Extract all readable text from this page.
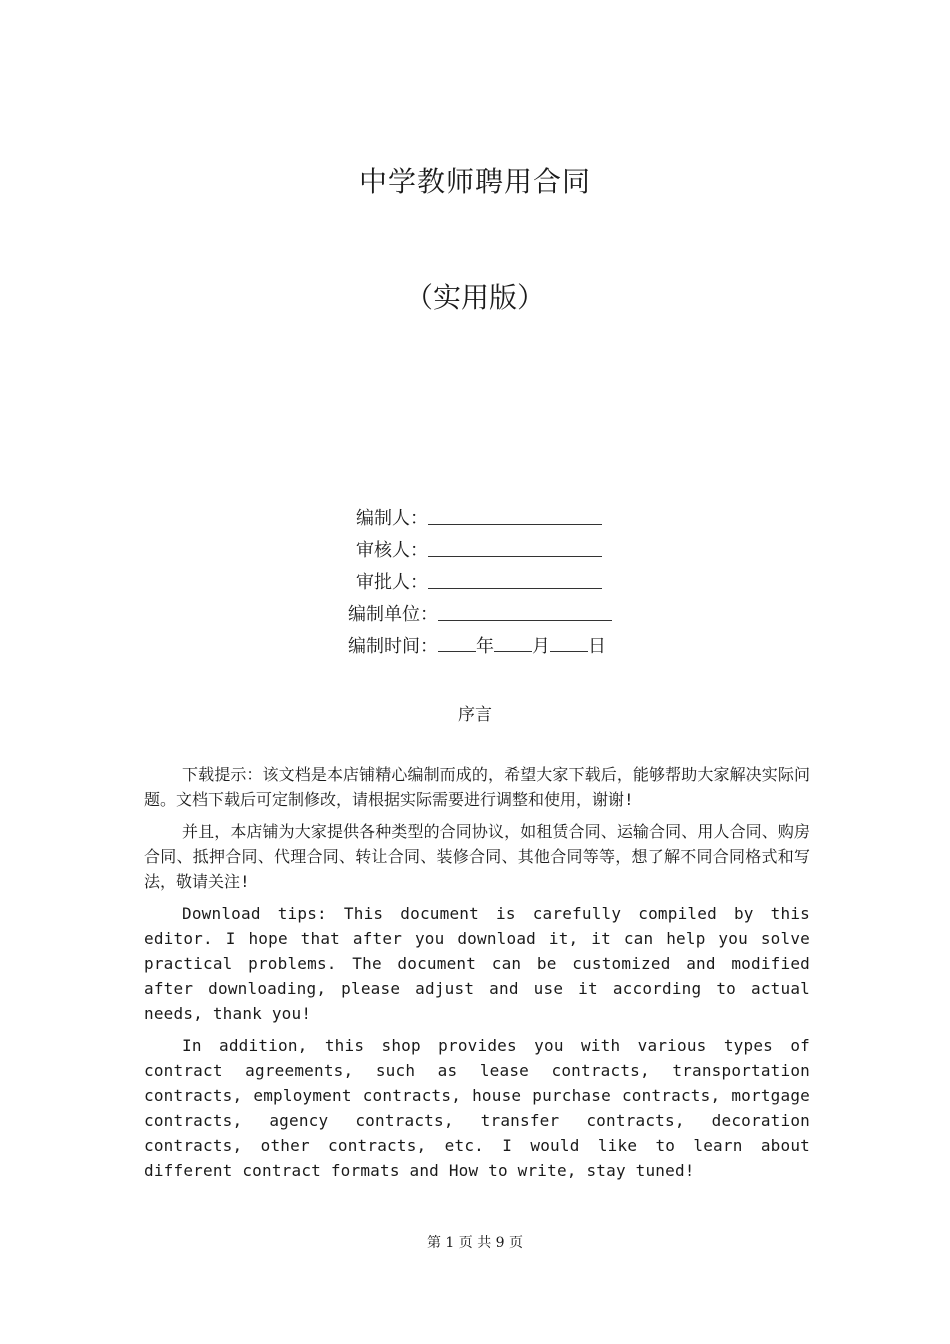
中学教师聘用合同
（实用版）
编制人：
审核人：
审批人：
编制单位：
编制时间：	年 月 日
序言

下载提示：该文档是本店铺精心编制而成的，希望大家下载后，能够帮助大家解决实际问题。文档下载后可定制修改，请根据实际需要进行调整和使用，谢谢!

并且，本店铺为大家提供各种类型的合同协议，如租赁合同、运输合同、用人合同、购房合同、抵押合同、代理合同、转让合同、装修合同、其他合同等等，想了解不同合同格式和写法，敬请关注!

Download tips: This document is carefully compiled by this editor. I hope that after you download it, it can help you solve practical problems. The document can be customized and modified after downloading, please adjust and use it according to actual needs, thank you!

In addition, this shop provides you with various types of contract agreements, such as lease contracts, transportation contracts, employment contracts, house purchase contracts, mortgage contracts, agency contracts, transfer contracts, decoration contracts, other contracts, etc. I would like to learn about different contract formats and How to write, stay tuned!

第 1 页 共 9 页
